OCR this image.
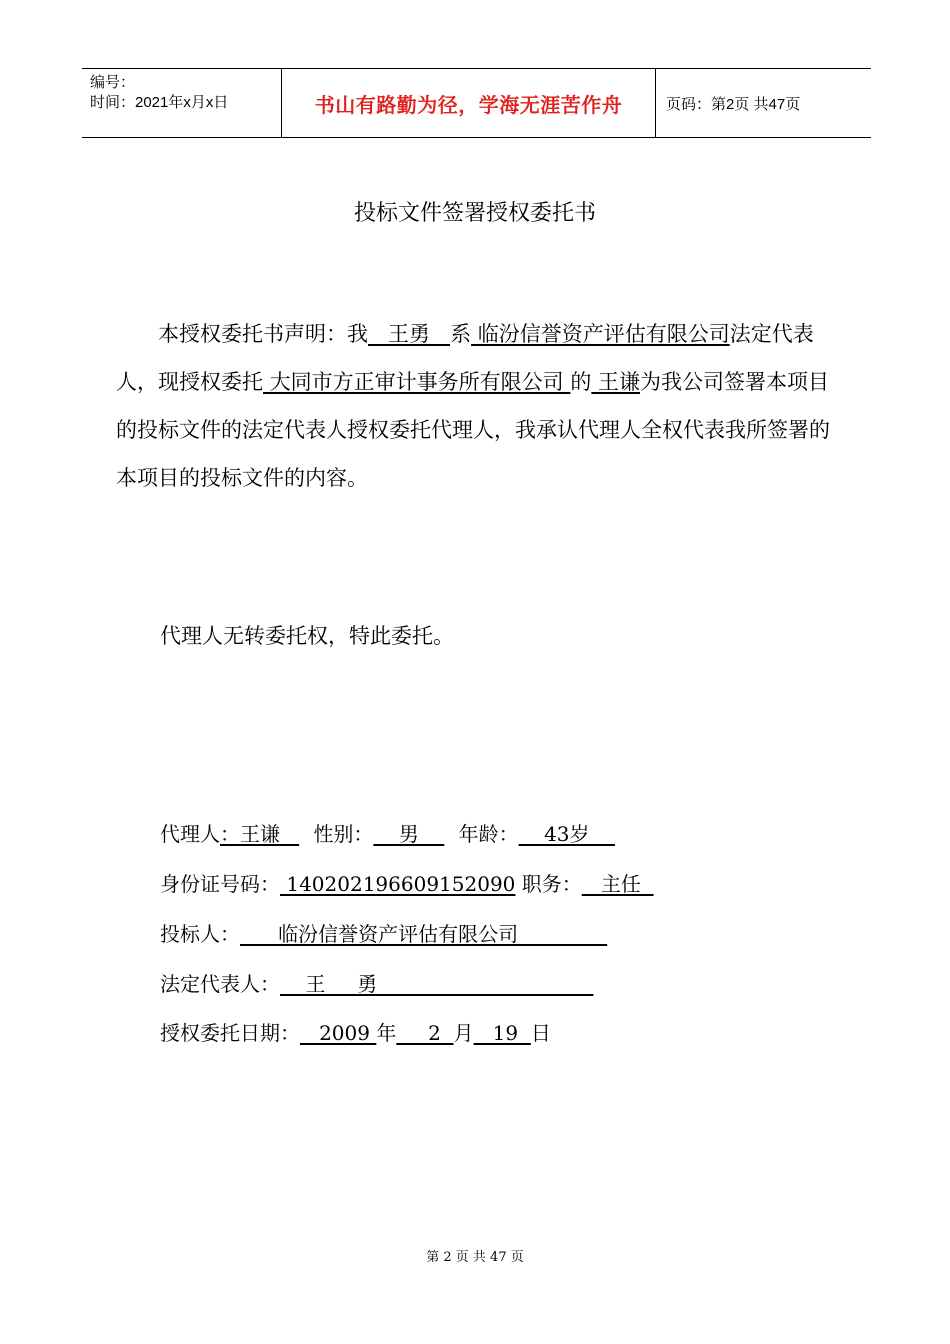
编号：
时间：2021年x月x日	书山有路勤为径，学海无涯苦作舟	页码：第2页 共47页
投标文件签署授权委托书
本授权委托书声明：我   王勇   系 临汾信誉资产评估有限公司法定代表人，现授权委托 大同市方正审计事务所有限公司 的 王谦为我公司签署本项目的投标文件的法定代表人授权委托代理人，我承认代理人全权代表我所签署的本项目的投标文件的内容。
代理人无转委托权，特此委托。
代理人：王谦    性别：    男     年龄：    43岁
身份证号码： 140202196609152090 职务：   主任
投标人：      临汾信誉资产评估有限公司
法定代表人：    王     勇
授权委托日期：   2009 年     2  月   19  日
第 2 页 共 47 页
